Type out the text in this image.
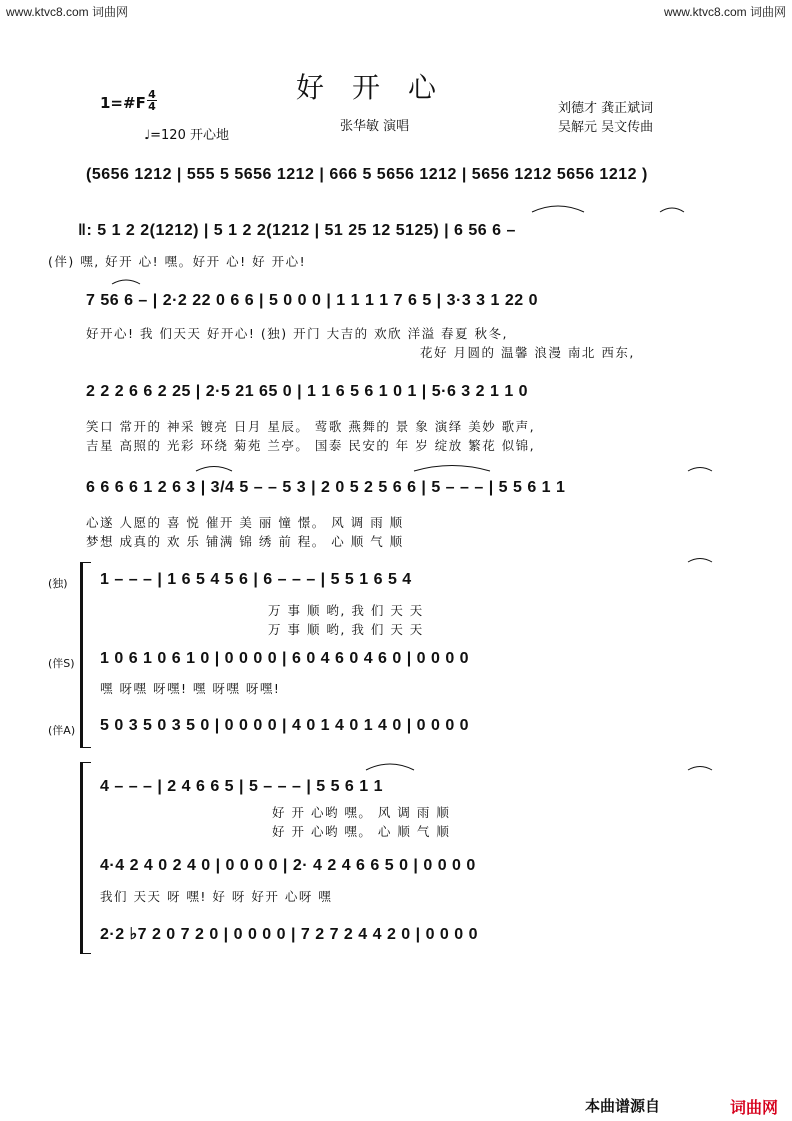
www.ktvc8.com 词曲网	www.ktvc8.com 词曲网
好开心
1=#F 4
4
♩=120 开心地
张华敏 演唱
刘德才 龚正斌词
吴解元 吴文传曲
(5656 1212 | 555 5 5656 1212 | 666 5 5656 1212 | 5656 1212 5656 1212 )
‖: 5 1 2 2(1212) | 5 1 2 2(1212 | 51 25 12 5125) | 6 56 6 –
(伴) 嘿, 好开 心! 嘿。好开 心! 好 开心!
7 56 6 – | 2·2 22 0 6 6 | 5 0 0 0 | 1 1 1 1 7 6 5 | 3·3 3 1 22 0
好开心! 我 们天天 好开心! (独) 开门 大吉的 欢欣 洋溢 春夏 秋冬,
花好 月圆的 温馨 浪漫 南北 西东,
2 2 2 6 6 2 25 | 2·5 21 65 0 | 1 1 6 5 6 1 0 1 | 5·6 3 2 1 1 0
笑口 常开的 神采 镀亮 日月 星辰。 莺歌 燕舞的 景 象 演绎 美妙 歌声,
吉星 高照的 光彩 环绕 菊苑 兰亭。 国泰 民安的 年 岁 绽放 繁花 似锦,
6 6 6 6 1 2 6 3 | 3/4 5 – – 5 3 | 2 0 5 2 5 6 6 | 5 – – – | 5 5 6 1 1
心遂 人愿的 喜 悦 催开 美 丽 憧 憬。 风 调 雨 顺
梦想 成真的 欢 乐 铺满 锦 绣 前 程。 心 顺 气 顺
(独) 1 – – – | 1 6 5 4 5 6 | 6 – – – | 5 5 1 6 5 4
万 事 顺 哟, 我 们 天 天
万 事 顺 哟, 我 们 天 天
(伴S) 1 0 6 1 0 6 1 0 | 0 0 0 0 | 6 0 4 6 0 4 6 0 | 0 0 0 0
嘿 呀嘿 呀嘿! 嘿 呀嘿 呀嘿!
(伴A) 5 0 3 5 0 3 5 0 | 0 0 0 0 | 4 0 1 4 0 1 4 0 | 0 0 0 0
4 – – – | 2 4 6 6 5 | 5 – – – | 5 5 6 1 1
好 开 心哟 嘿。 风 调 雨 顺
好 开 心哟 嘿。 心 顺 气 顺
4·4 2 4 0 2 4 0 | 0 0 0 0 | 2· 4 2 4 6 6 5 0 | 0 0 0 0
我们 天天 呀 嘿! 好 呀 好开 心呀 嘿
2·2 ♭7 2 0 7 2 0 | 0 0 0 0 | 7 2 7 2 4 4 2 0 | 0 0 0 0
本曲谱源自	词曲网
